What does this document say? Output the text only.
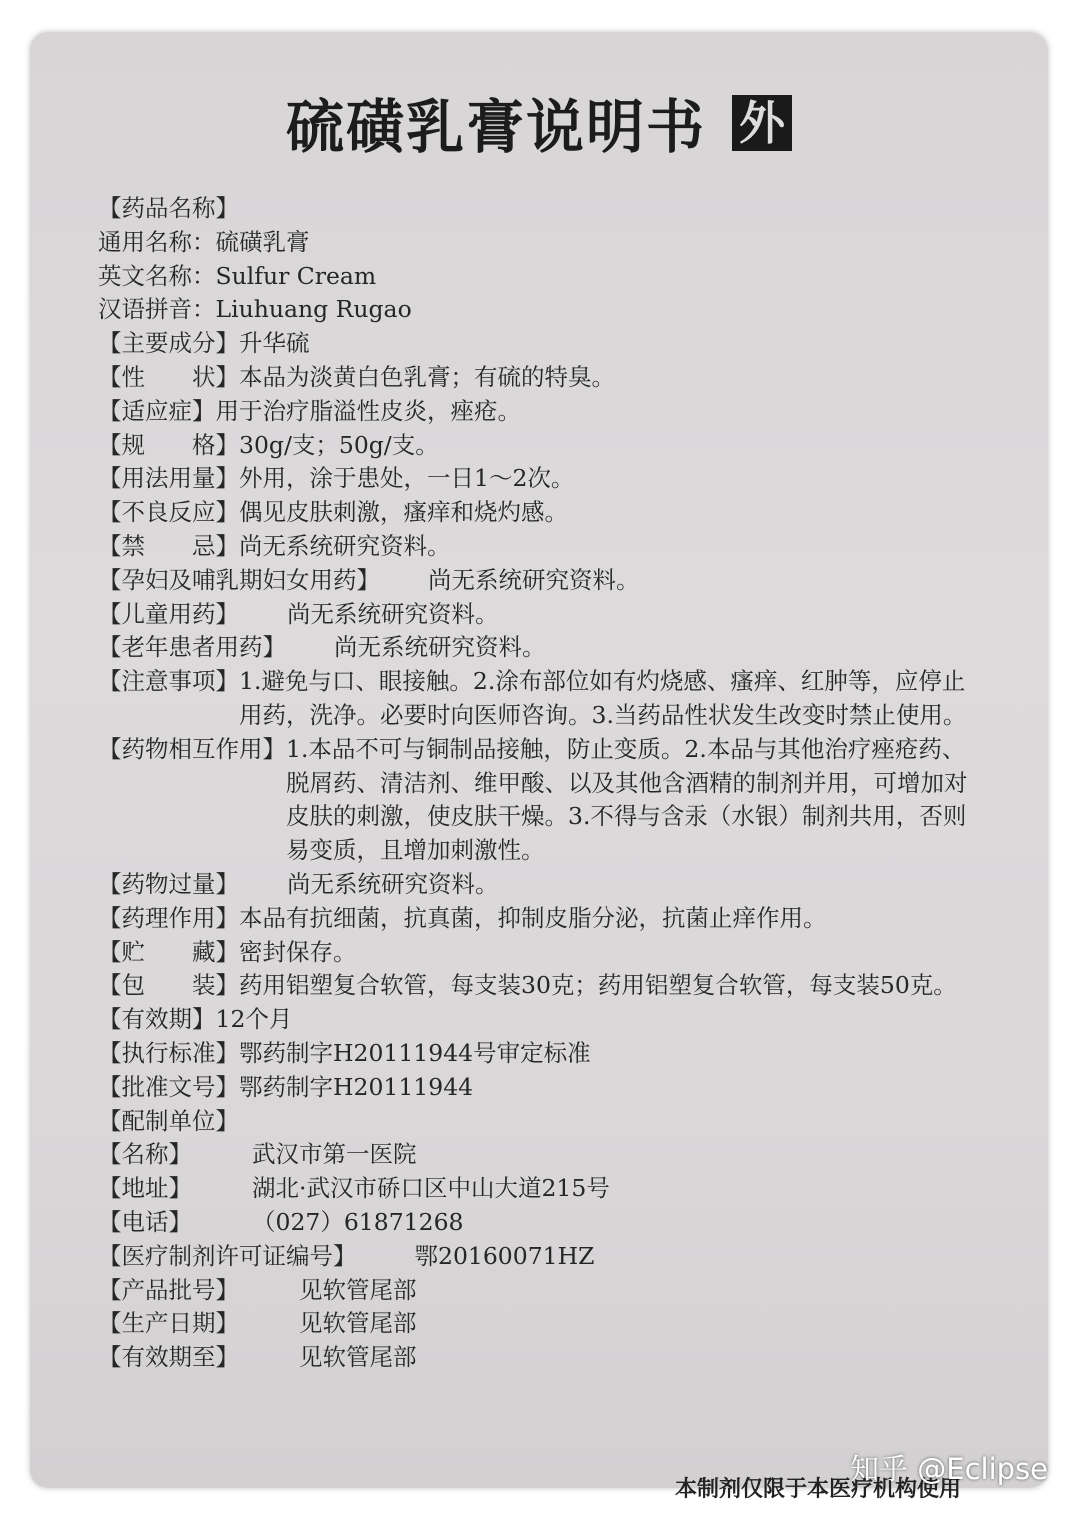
硫磺乳膏说明书 外
【药品名称】
通用名称：硫磺乳膏
英文名称：Sulfur Cream
汉语拼音：Liuhuang Rugao
【主要成分】升华硫
【性　　状】本品为淡黄白色乳膏；有硫的特臭。
【适应症】用于治疗脂溢性皮炎，痤疮。
【规　　格】30g/支；50g/支。
【用法用量】外用，涂于患处，一日1～2次。
【不良反应】偶见皮肤刺激，瘙痒和烧灼感。
【禁　　忌】尚无系统研究资料。
【孕妇及哺乳期妇女用药】 尚无系统研究资料。
【儿童用药】 尚无系统研究资料。
【老年患者用药】 尚无系统研究资料。
【注意事项】 1.避免与口、眼接触。2.涂布部位如有灼烧感、瘙痒、红肿等，应停止用药，洗净。必要时向医师咨询。3.当药品性状发生改变时禁止使用。
【药物相互作用】 1.本品不可与铜制品接触，防止变质。2.本品与其他治疗痤疮药、脱屑药、清洁剂、维甲酸、以及其他含酒精的制剂并用，可增加对皮肤的刺激，使皮肤干燥。3.不得与含汞（水银）制剂共用，否则易变质，且增加刺激性。
【药物过量】 尚无系统研究资料。
【药理作用】本品有抗细菌，抗真菌，抑制皮脂分泌，抗菌止痒作用。
【贮　　藏】密封保存。
【包　　装】药用铝塑复合软管，每支装30克；药用铝塑复合软管，每支装50克。
【有效期】12个月
【执行标准】鄂药制字H20111944号审定标准
【批准文号】鄂药制字H20111944
【配制单位】
【名称】	武汉市第一医院
【地址】	湖北·武汉市硚口区中山大道215号
【电话】	（027）61871268
【医疗制剂许可证编号】 鄂20160071HZ
【产品批号】	见软管尾部
【生产日期】	见软管尾部
【有效期至】	见软管尾部
本制剂仅限于本医疗机构使用
知乎 @Eclipse
